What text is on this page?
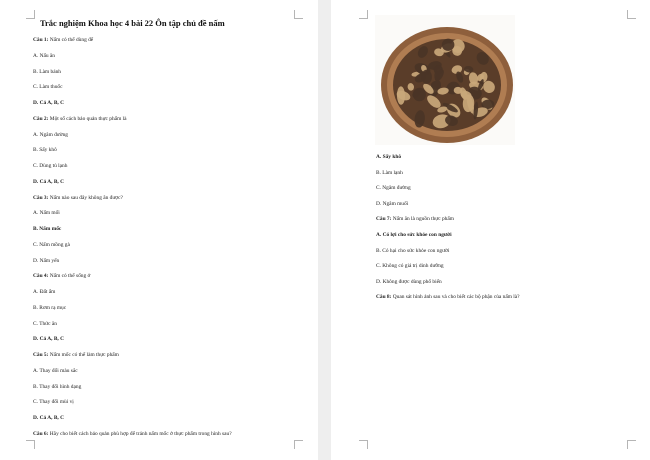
Trắc nghiệm Khoa học 4 bài 22 Ôn tập chủ đề nấm
Câu 1: Nấm có thể dùng để
A. Nấu ăn
B. Làm bánh
C. Làm thuốc
D. Cả A, B, C
Câu 2: Một số cách bảo quản thực phẩm là
A. Ngâm đường
B. Sấy khô
C. Dùng tủ lạnh
D. Cả A, B, C
Câu 3: Nấm nào sau đây không ăn được?
A. Nấm mối
B. Nấm mốc
C. Nấm mồng gà
D. Nấm yến
Câu 4: Nấm có thể sống ở
A. Đất ẩm
B. Rơm rạ mục
C. Thức ăn
D. Cả A, B, C
Câu 5: Nấm mốc có thể làm thực phẩm
A. Thay đổi màu sắc
B. Thay đổi hình dạng
C. Thay đổi mùi vị
D. Cả A, B, C
Câu 6: Hãy cho biết cách bảo quản phù hợp để tránh nấm mốc ở thực phẩm trong hình sau?
A. Sấy khô
B. Làm lạnh
C. Ngâm đường
D. Ngâm muối
Câu 7: Nấm ăn là nguồn thực phẩm
A. Có lợi cho sức khỏe con người
B. Có hại cho sức khỏe con người
C. Không có giá trị dinh dưỡng
D. Không được dùng phổ biến
Câu 8: Quan sát hình ảnh sau và cho biết các bộ phận của nấm là?
